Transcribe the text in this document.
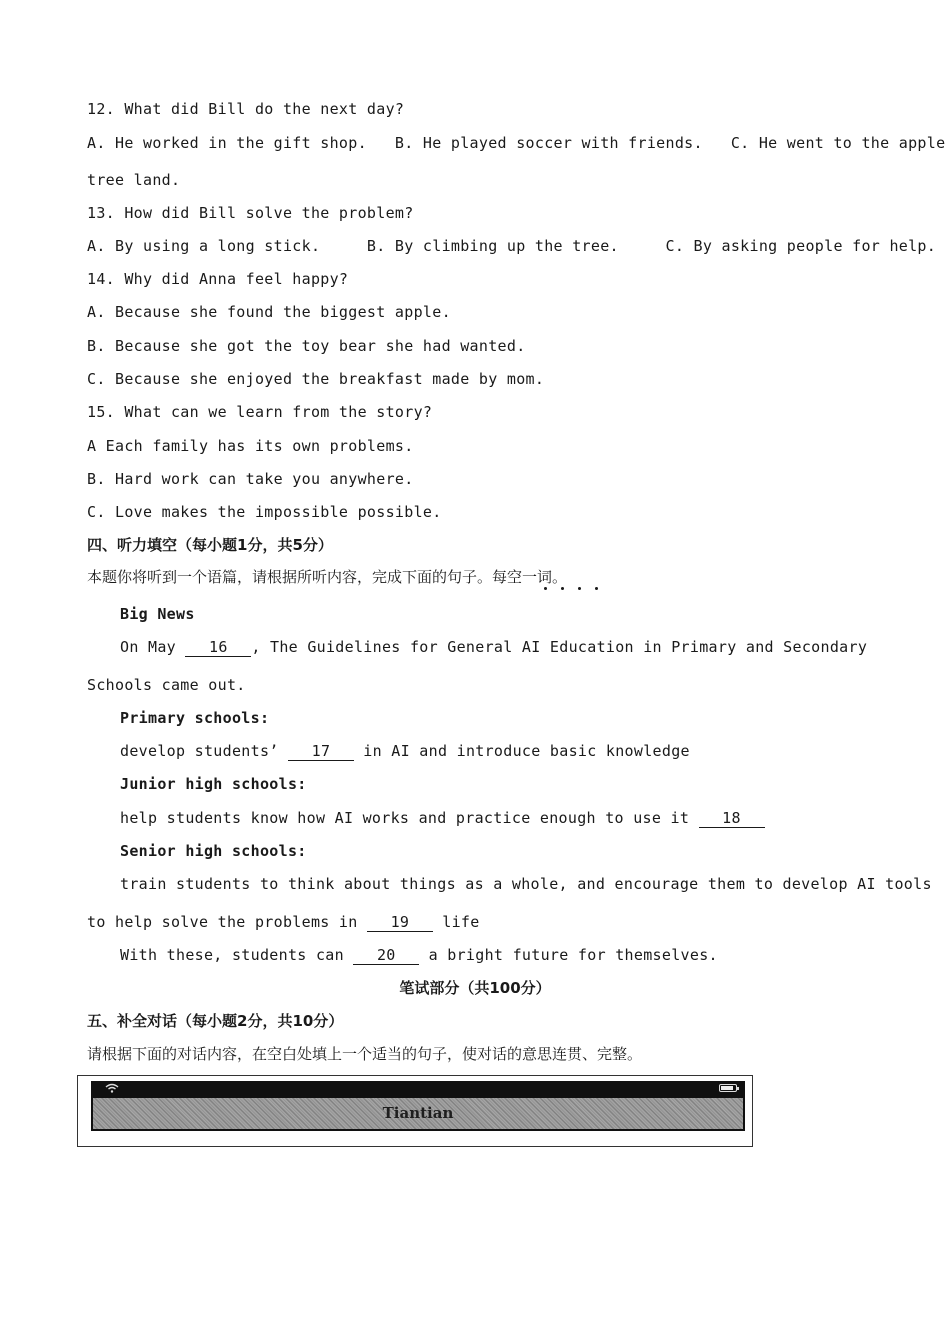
12. What did Bill do the next day?
A. He worked in the gift shop.   B. He played soccer with friends.   C. He went to the apple
tree land.
13. How did Bill solve the problem?
A. By using a long stick.     B. By climbing up the tree.     C. By asking people for help.
14. Why did Anna feel happy?
A. Because she found the biggest apple.
B. Because she got the toy bear she had wanted.
C. Because she enjoyed the breakfast made by mom.
15. What can we learn from the story?
A Each family has its own problems.
B. Hard work can take you anywhere.
C. Love makes the impossible possible.
四、听力填空（每小题1分，共5分）
本题你将听到一个语篇，请根据所听内容，完成下面的句子。每空一词。
Big News
On May 16 , The Guidelines for General AI Education in Primary and Secondary
Schools came out.
Primary schools:
develop students’ 17 in AI and introduce basic knowledge
Junior high schools:
help students know how AI works and practice enough to use it 18
Senior high schools:
train students to think about things as a whole, and encourage them to develop AI tools
to help solve the problems in 19 life
With these, students can 20 a bright future for themselves.
笔试部分（共100分）
五、补全对话（每小题2分，共10分）
请根据下面的对话内容，在空白处填上一个适当的句子，使对话的意思连贯、完整。
Tiantian
